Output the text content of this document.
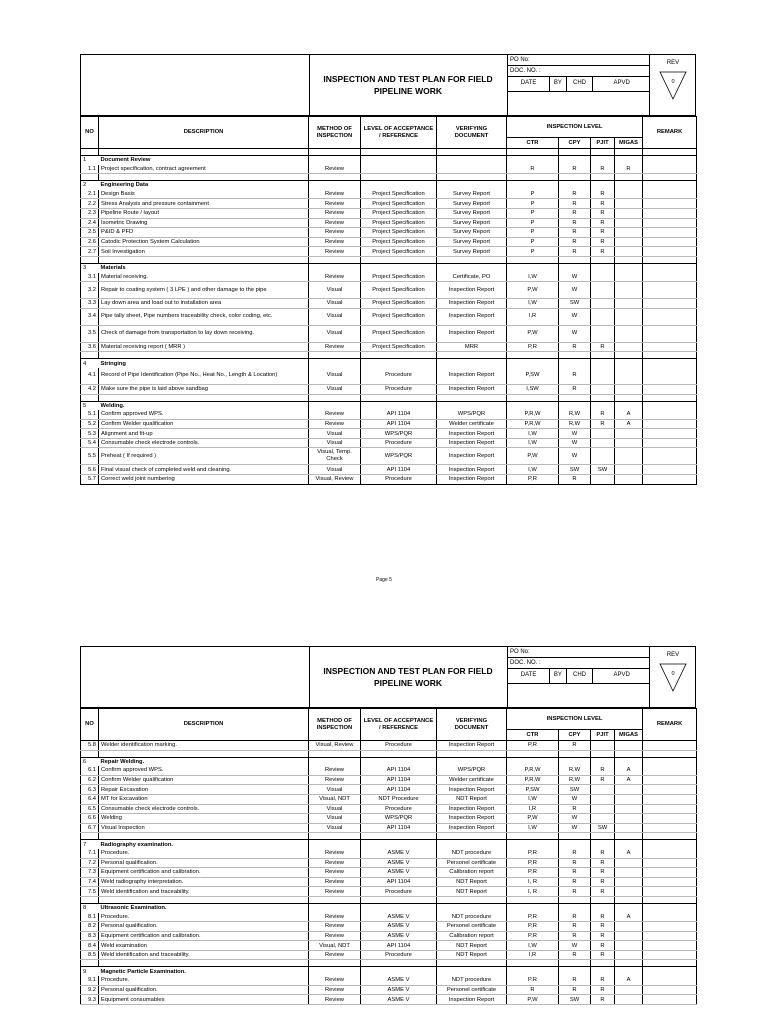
INSPECTION AND TEST PLAN FOR FIELD PIPELINE WORK
PO No:
DOC. NO. :
DATE	BY	CHD	APVD
REV
0
NO	DESCRIPTION	METHOD OF INSPECTION	LEVEL OF ACCEPTANCE / REFERENCE	VERIFYING DOCUMENT	INSPECTION LEVEL				REMARK
					CTR	CPY	PJIT	MIGAS	

1	Document Review								
1.1	Project specification, contract agreement	Review			R	R	R	R	

2	Engineering Data								
2.1	Design Basis	Review	Project Specification	Survey Report	P	R	R		
2.2	Stress Analysis and pressure containment	Review	Project Specification	Survey Report	P	R	R		
2.3	Pipeline Route / layout	Review	Project Specification	Survey Report	P	R	R		
2.4	Isometric Drawing	Review	Project Specification	Survey Report	P	R	R		
2.5	P&ID & PFD	Review	Project Specification	Survey Report	P	R	R		
2.6	Catodic Protection System Calculation	Review	Project Specification	Survey Report	P	R	R		
2.7	Soil Investigation	Review	Project Specification	Survey Report	P	R	R		

3	Materials								
3.1	Material receiving.	Review	Project Specification	Certificate, PO	I,W	W			
3.2	Repair to coating system ( 3 LPE ) and other damage to the pipe	Visual	Project Specification	Inspection Report	P,W	W			
3.3	Lay down area and load out to installation area	Visual	Project Specification	Inspection Report	I,W	SW			
3.4	Pipe tally sheet, Pipe numbers traceability check, color coding, etc.	Visual	Project Specification	Inspection Report	I,R	W			
3.5	Check of damage from transportation to lay down receiving.	Visual	Project Specification	Inspection Report	P,W	W			
3.6	Material receiving report ( MRR )	Review	Project Specification	MRR	P,R	R	R		

4	Stringing								
4.1	Record of Pipe Identification (Pipe No., Heat No., Length & Location)	Visual	Procedure	Inspection Report	P,SW	R			
4.2	Make sure the pipe is laid above sandbag	Visual	Procedure	Inspection Report	I,SW	R			

5	Welding.								
5.1	Confirm approved WPS.	Review	API 1104	WPS/PQR	P,R,W	R,W	R	A	
5.2	Confirm Welder qualification	Review	API 1104	Welder certificate	P,R,W	R,W	R	A	
5.3	Alignment and fit-up	Visual	WPS/PQR	Inspection Report	I,W	W			
5.4	Consumable check electrode controls.	Visual	Procedure	Inspection Report	I,W	W			
5.5	Preheat ( If required )	Visual, Temp. Check	WPS/PQR	Inspection Report	P,W	W			
5.6	Final visual check of completed weld and cleaning.	Visual	API 1104	Inspection Report	I,W	SW	SW		
5.7	Correct weld joint numbering	Visual, Review	Procedure	Inspection Report	P,R	R			
Page 5
INSPECTION AND TEST PLAN FOR FIELD PIPELINE WORK
PO No:
DOC. NO. :
DATE	BY	CHD	APVD
REV
0
NO	DESCRIPTION	METHOD OF INSPECTION	LEVEL OF ACCEPTANCE / REFERENCE	VERIFYING DOCUMENT	INSPECTION LEVEL				REMARK
					CTR	CPY	PJIT	MIGAS	
5.8	Welder identification marking.	Visual, Review	Procedure	Inspection Report	P,R	R			

6	Repair Welding.								
6.1	Confirm approved WPS.	Review	API 1104	WPS/PQR	P,R,W	R,W	R	A	
6.2	Confirm Welder qualification	Review	API 1104	Welder certificate	P,R,W	R,W	R	A	
6.3	Repair Excavation	Visual	API 1104	Inspection Report	P,SW	SW			
6.4	MT for Excavation	Visual, NDT	NDT Procedure	NDT Report	I,W	W			
6.5	Consumable check electrode controls.	Visual	Procedure	Inspection Report	I,R	R			
6.6	Welding	Visual	WPS/PQR	Inspection Report	P,W	W			
6.7	Visual Inspection	Visual	API 1104	Inspection Report	I,W	W	SW		

7	Radiography examination.								
7.1	Procedure.	Review	ASME V	NDT procedure	P,R	R	R	A	
7.2	Personal qualification.	Review	ASME V	Personel certificate	P,R	R	R		
7.3	Equipment certification and calibration.	Review	ASME V	Calibration report	P,R	R	R		
7.4	Weld radiography interpretation.	Review	API 1104	NDT Report	I, R	R	R		
7.5	Weld identification and traceability.	Review	Procedure	NDT Report	I, R	R	R		

8	Ultrasonic Examination.								
8.1	Procedure.	Review	ASME V	NDT procedure	P,R	R	R	A	
8.2	Personal qualification.	Review	ASME V	Personel certificate	P,R	R	R		
8.3	Equipment certification and calibration.	Review	ASME V	Calibration report	P,R	R	R		
8.4	Weld examination	Visual, NDT	API 1104	NDT Report	I,W	W	R		
8.5	Weld identification and traceability.	Review	Procedure	NDT Report	I,R	R	R		

9	Magnetic Particle Examination.								
9.1	Procedure.	Review	ASME V	NDT procedure	P,R	R	R	A	
9.2	Personal qualification.	Review	ASME V	Personel certificate	R	R	R		
9.3	Equipment consumables	Review	ASME V	Inspection Report	P,W	SW	R		
